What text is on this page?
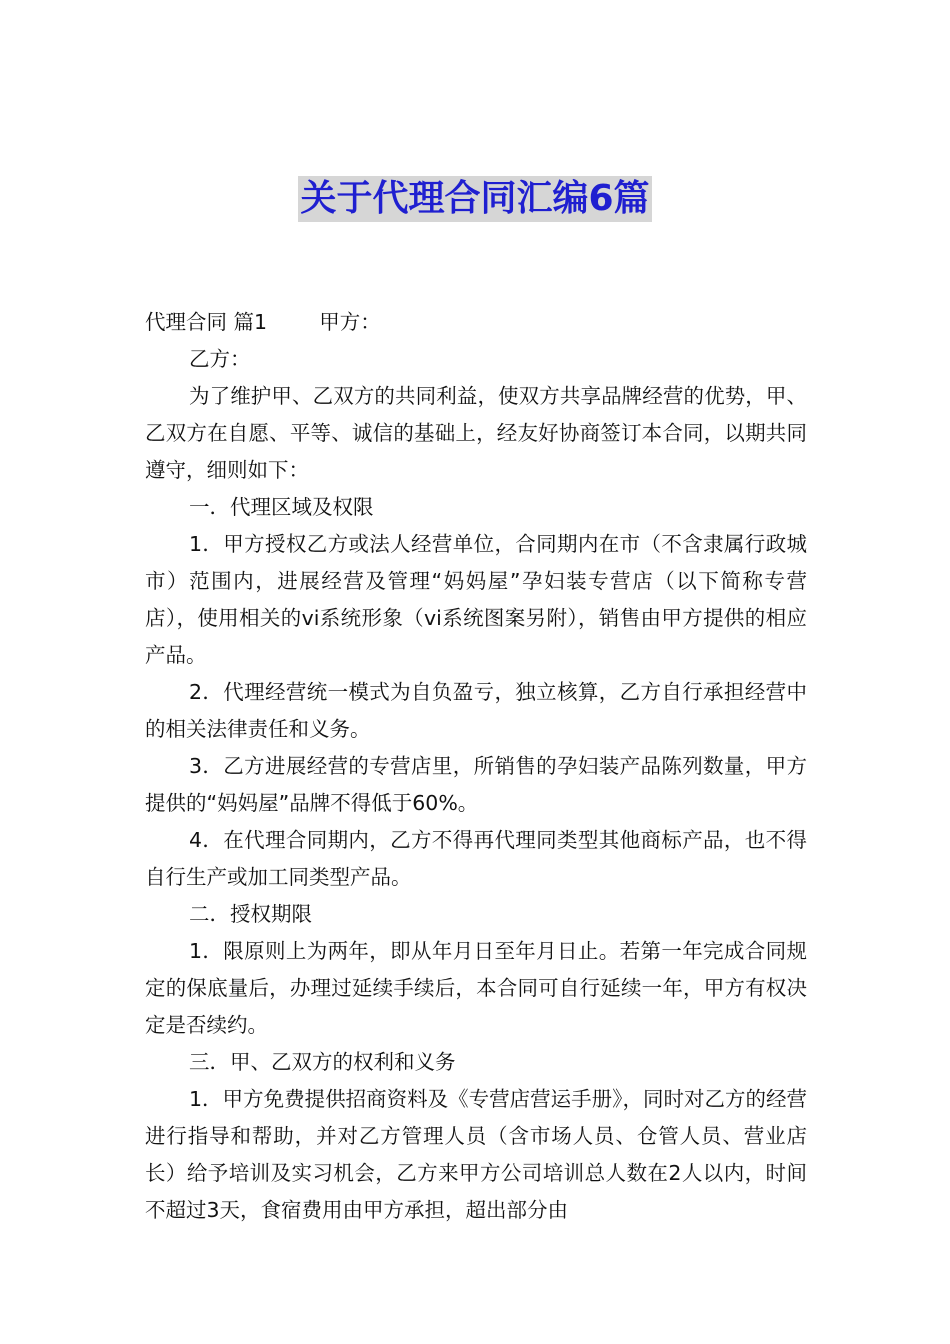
关于代理合同汇编6篇

代理合同 篇1	甲方：

乙方：

为了维护甲、乙双方的共同利益，使双方共享品牌经营的优势，甲、乙双方在自愿、平等、诚信的基础上，经友好协商签订本合同，以期共同遵守，细则如下：

一．代理区域及权限

1．甲方授权乙方或法人经营单位，合同期内在市（不含隶属行政城市）范围内，进展经营及管理“妈妈屋”孕妇装专营店（以下简称专营店），使用相关的vi系统形象（vi系统图案另附），销售由甲方提供的相应产品。

2．代理经营统一模式为自负盈亏，独立核算，乙方自行承担经营中的相关法律责任和义务。

3．乙方进展经营的专营店里，所销售的孕妇装产品陈列数量，甲方提供的“妈妈屋”品牌不得低于60%。

4．在代理合同期内，乙方不得再代理同类型其他商标产品，也不得自行生产或加工同类型产品。

二．授权期限

1．限原则上为两年，即从年月日至年月日止。若第一年完成合同规定的保底量后，办理过延续手续后，本合同可自行延续一年，甲方有权决定是否续约。

三．甲、乙双方的权利和义务

1．甲方免费提供招商资料及《专营店营运手册》，同时对乙方的经营进行指导和帮助，并对乙方管理人员（含市场人员、仓管人员、营业店长）给予培训及实习机会，乙方来甲方公司培训总人数在2人以内，时间不超过3天，食宿费用由甲方承担，超出部分由
